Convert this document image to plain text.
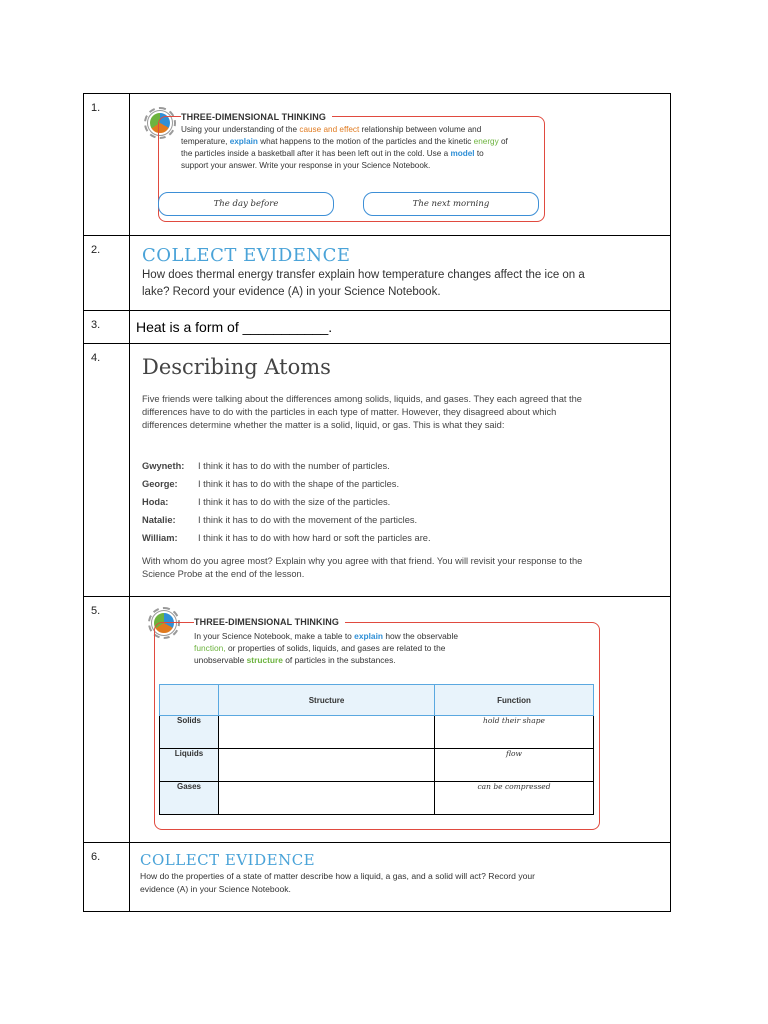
1.	
THREE-DIMENSIONAL THINKING
Using your understanding of the cause and effect relationship between volume and temperature, explain what happens to the motion of the particles and the kinetic energy of the particles inside a basketball after it has been left out in the cold. Use a model to support your answer. Write your response in your Science Notebook.
The day before	The next morning

2.	COLLECT EVIDENCE
How does thermal energy transfer explain how temperature changes affect the ice on a lake? Record your evidence (A) in your Science Notebook.

3.	Heat is a form of ___________.

4.	Describing Atoms
Five friends were talking about the differences among solids, liquids, and gases. They each agreed that the differences have to do with the particles in each type of matter. However, they disagreed about which differences determine whether the matter is a solid, liquid, or gas. This is what they said:
Gwyneth: I think it has to do with the number of particles.
George: I think it has to do with the shape of the particles.
Hoda:	I think it has to do with the size of the particles.
Natalie: I think it has to do with the movement of the particles.
William: I think it has to do with how hard or soft the particles are.
With whom do you agree most? Explain why you agree with that friend. You will revisit your response to the Science Probe at the end of the lesson.

5.	
THREE-DIMENSIONAL THINKING
In your Science Notebook, make a table to explain how the observable function, or properties of solids, liquids, and gases are related to the unobservable structure of particles in the substances.
	Structure	Function
Solids		hold their shape
Liquids		flow
Gases		can be compressed

6.	COLLECT EVIDENCE
How do the properties of a state of matter describe how a liquid, a gas, and a solid will act? Record your evidence (A) in your Science Notebook.
